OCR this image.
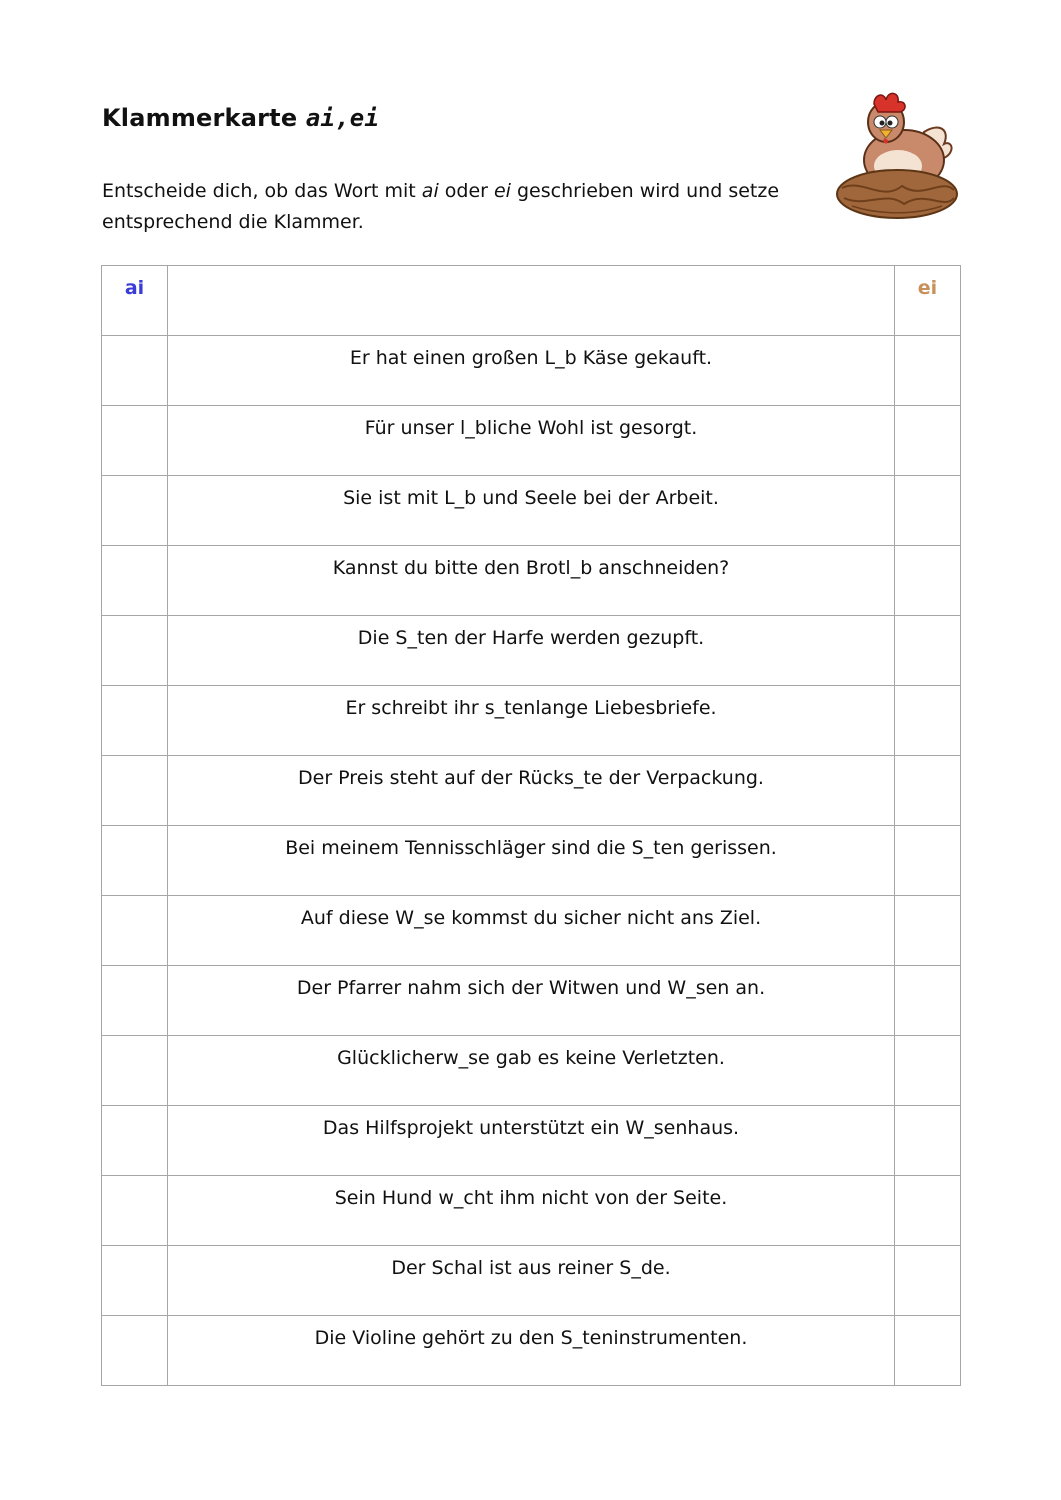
Klammerkarte ai,ei
Entscheide dich, ob das Wort mit ai oder ei geschrieben wird und setze entsprechend die Klammer.
ai		ei
	Er hat einen großen L_b Käse gekauft.	
	Für unser l_bliche Wohl ist gesorgt.	
	Sie ist mit L_b und Seele bei der Arbeit.	
	Kannst du bitte den Brotl_b anschneiden?	
	Die S_ten der Harfe werden gezupft.	
	Er schreibt ihr s_tenlange Liebesbriefe.	
	Der Preis steht auf der Rücks_te der Verpackung.	
	Bei meinem Tennisschläger sind die S_ten gerissen.	
	Auf diese W_se kommst du sicher nicht ans Ziel.	
	Der Pfarrer nahm sich der Witwen und W_sen an.	
	Glücklicherw_se gab es keine Verletzten.	
	Das Hilfsprojekt unterstützt ein W_senhaus.	
	Sein Hund w_cht ihm nicht von der Seite.	
	Der Schal ist aus reiner S_de.	
	Die Violine gehört zu den S_teninstrumenten.	
